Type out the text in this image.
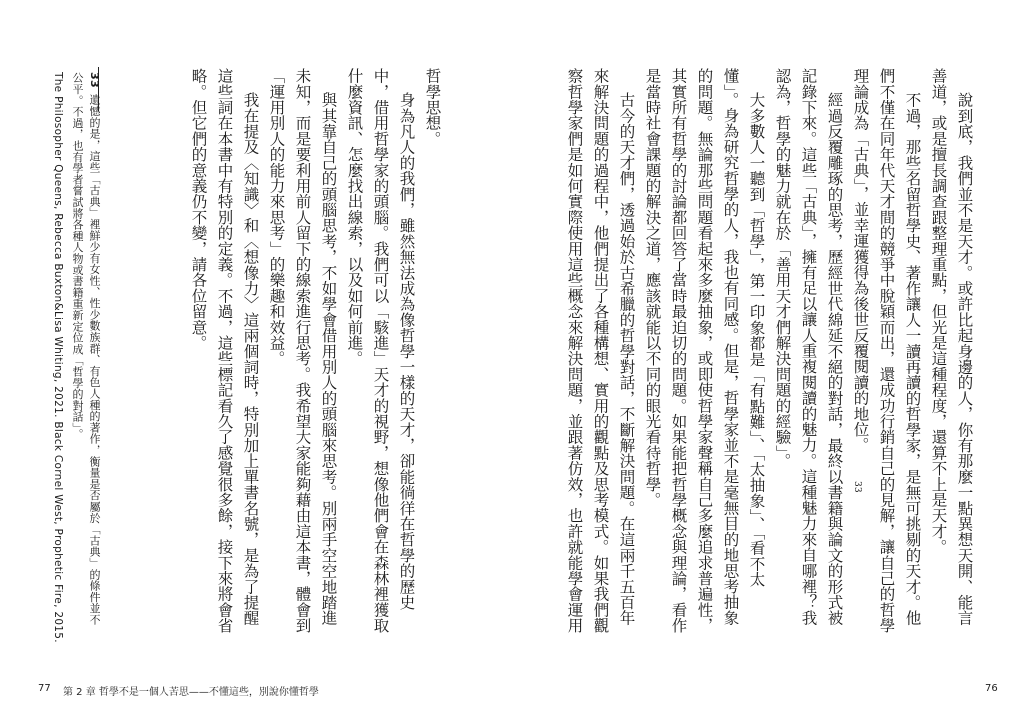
說到底，我們並不是天才。或許比起身邊的人，你有那麼一點異想天開、能言

善道，或是擅長調查跟整理重點，但光是這種程度，還算不上是天才。

不過，那些名留哲學史、著作讓人一讀再讀的哲學家，是無可挑剔的天才。他

們不僅在同年代天才間的競爭中脫穎而出，還成功行銷自己的見解，讓自己的哲學

理論成為「古典」，並幸運獲得為後世反覆閱讀的地位。

33

經過反覆雕琢的思考，歷經世代綿延不絕的對話，最終以書籍與論文的形式被

記錄下來。這些「古典」，擁有足以讓人重複閱讀的魅力。這種魅力來自哪裡？我

認為，哲學的魅力就在於「善用天才們解決問題的經驗」。

大多數人一聽到「哲學」，第一印象都是「有點難」、「太抽象」、「看不太

懂」。身為研究哲學的人，我也有同感。但是，哲學家並不是毫無目的地思考抽象

的問題。無論那些問題看起來多麼抽象，或即使哲學家聲稱自己多麼追求普遍性，

其實所有哲學的討論都回答了當時最迫切的問題。如果能把哲學概念與理論，看作

是當時社會課題的解決之道，應該就能以不同的眼光看待哲學。

古今的天才們，透過始於古希臘的哲學對話，不斷解決問題。在這兩千五百年

來解決問題的過程中，他們提出了各種構想、實用的觀點及思考模式。如果我們觀

察哲學家們是如何實際使用這些概念來解決問題，並跟著仿效，也許就能學會運用

76

哲學思想。

身為凡人的我們，雖然無法成為像哲學一樣的天才，卻能徜徉在哲學的歷史

中，借用哲學家的頭腦。我們可以「駭進」天才的視野，想像他們會在森林裡獲取

什麼資訊、怎麼找出線索，以及如何前進。

與其靠自己的頭腦思考，不如學會借用別人的頭腦來思考。別兩手空空地踏進

未知，而是要利用前人留下的線索進行思考。我希望大家能夠藉由這本書，體會到

「運用別人的能力來思考」的樂趣和效益。

我在提及〈知識〉和〈想像力〉這兩個詞時，特別加上單書名號，是為了提醒

這些詞在本書中有特別的定義。不過，這些標記看久了感覺很多餘，接下來將會省

略。但它們的意義仍不變，請各位留意。

33

遺憾的是，這些「古典」裡鮮少有女性、性少數族群、有色人種的著作，衡量是否屬於「古典」的條件並不

公平。不過，也有學者嘗試將各種人物或書籍重新定位成「哲學的對話」。

The Philosopher Queens, Rebecca Buxton&Lisa Whiting, 2021. Black Cornel West, Prophetic Fire, 2015.

77 第 2 章 哲學不是一個人苦思——不懂這些，別說你懂哲學
